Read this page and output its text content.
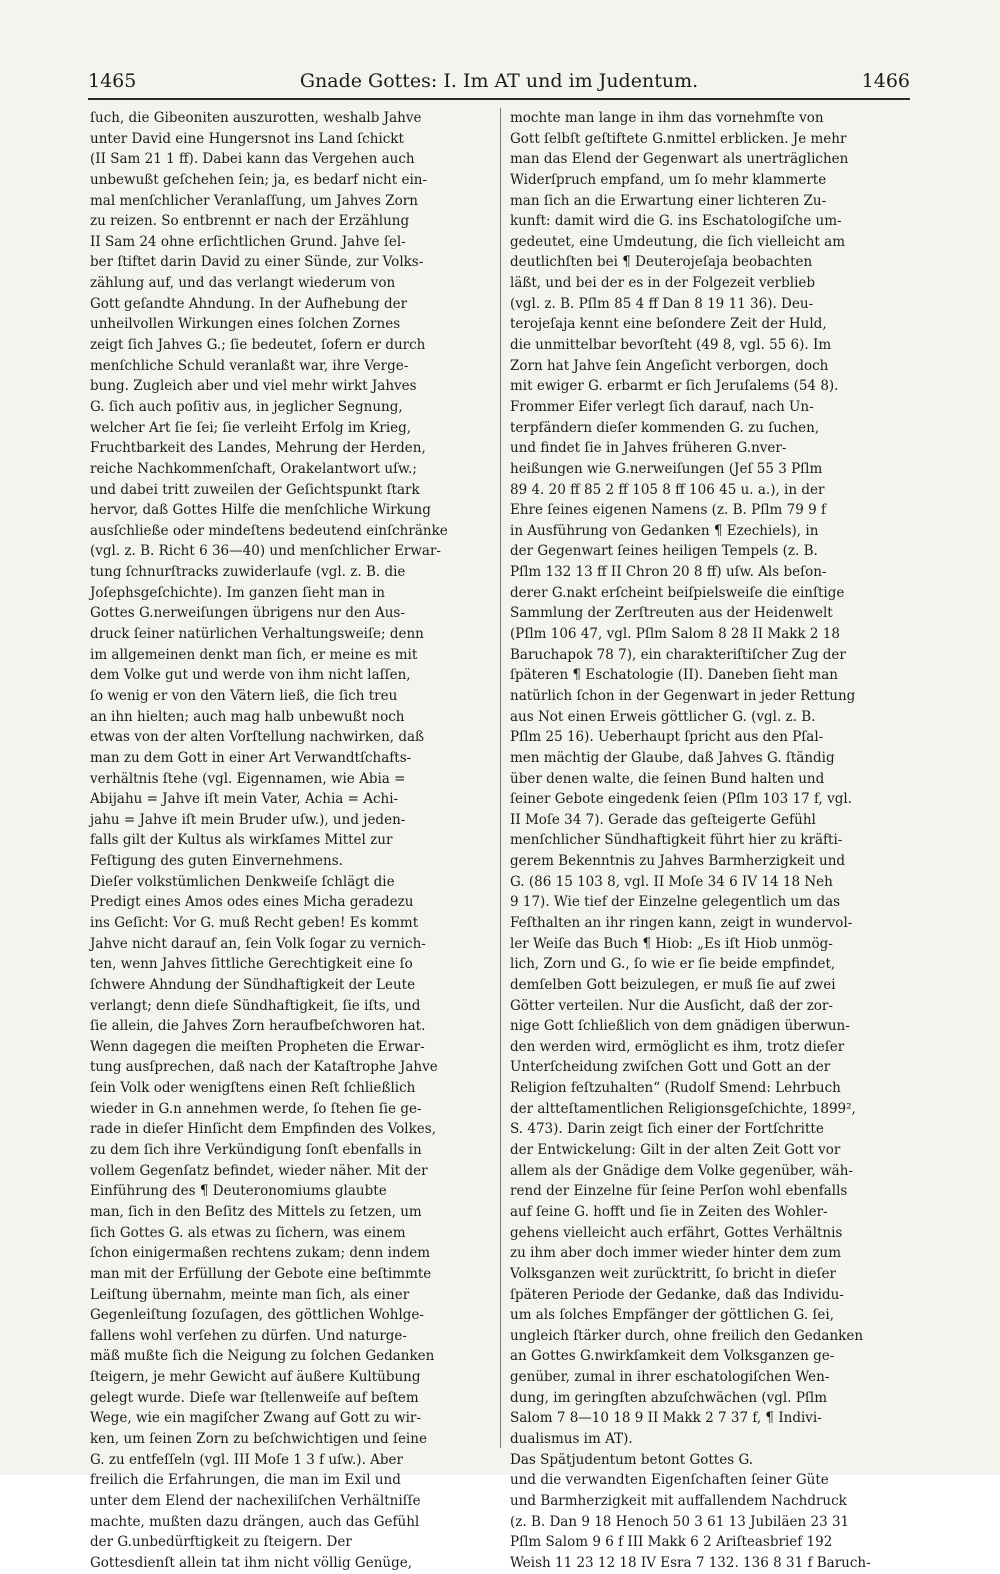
1465	Gnade Gottes: I. Im AT und im Judentum.	1466
ſuch, die Gibeoniten auszurotten, weshalb Jahve
unter David eine Hungersnot ins Land ſchickt
(II Sam 21 1 ff). Dabei kann das Vergehen auch
unbewußt geſchehen ſein; ja, es bedarf nicht ein-
mal menſchlicher Veranlaſſung, um Jahves Zorn
zu reizen. So entbrennt er nach der Erzählung
II Sam 24 ohne erſichtlichen Grund. Jahve ſel-
ber ſtiftet darin David zu einer Sünde, zur Volks-
zählung auf, und das verlangt wiederum von
Gott geſandte Ahndung. In der Aufhebung der
unheilvollen Wirkungen eines ſolchen Zornes
zeigt ſich Jahves G.; ſie bedeutet, ſofern er durch
menſchliche Schuld veranlaßt war, ihre Verge-
bung. Zugleich aber und viel mehr wirkt Jahves
G. ſich auch poſitiv aus, in jeglicher Segnung,
welcher Art ſie ſei; ſie verleiht Erfolg im Krieg,
Fruchtbarkeit des Landes, Mehrung der Herden,
reiche Nachkommenſchaft, Orakelantwort uſw.;
und dabei tritt zuweilen der Geſichtspunkt ſtark
hervor, daß Gottes Hilfe die menſchliche Wirkung
ausſchließe oder mindeſtens bedeutend einſchränke
(vgl. z. B. Richt 6 36—40) und menſchlicher Erwar-
tung ſchnurſtracks zuwiderlaufe (vgl. z. B. die
Joſephsgeſchichte). Im ganzen ſieht man in
Gottes G.nerweiſungen übrigens nur den Aus-
druck ſeiner natürlichen Verhaltungsweiſe; denn
im allgemeinen denkt man ſich, er meine es mit
dem Volke gut und werde von ihm nicht laſſen,
ſo wenig er von den Vätern ließ, die ſich treu
an ihn hielten; auch mag halb unbewußt noch
etwas von der alten Vorſtellung nachwirken, daß
man zu dem Gott in einer Art Verwandtſchafts-
verhältnis ſtehe (vgl. Eigennamen, wie Abia =
Abijahu = Jahve iſt mein Vater, Achia = Achi-
jahu = Jahve iſt mein Bruder uſw.), und jeden-
falls gilt der Kultus als wirkſames Mittel zur
Feſtigung des guten Einvernehmens.
Dieſer volkstümlichen Denkweiſe ſchlägt die
Predigt eines Amos odes eines Micha geradezu
ins Geſicht: Vor G. muß Recht geben! Es kommt
Jahve nicht darauf an, ſein Volk ſogar zu vernich-
ten, wenn Jahves ſittliche Gerechtigkeit eine ſo
ſchwere Ahndung der Sündhaftigkeit der Leute
verlangt; denn dieſe Sündhaftigkeit, ſie iſts, und
ſie allein, die Jahves Zorn heraufbeſchworen hat.
Wenn dagegen die meiſten Propheten die Erwar-
tung ausſprechen, daß nach der Kataſtrophe Jahve
ſein Volk oder wenigſtens einen Reſt ſchließlich
wieder in G.n annehmen werde, ſo ſtehen ſie ge-
rade in dieſer Hinſicht dem Empfinden des Volkes,
zu dem ſich ihre Verkündigung ſonſt ebenfalls in
vollem Gegenſatz befindet, wieder näher. Mit der
Einführung des ¶ Deuteronomiums glaubte
man, ſich in den Beſitz des Mittels zu ſetzen, um
ſich Gottes G. als etwas zu ſichern, was einem
ſchon einigermaßen rechtens zukam; denn indem
man mit der Erfüllung der Gebote eine beſtimmte
Leiſtung übernahm, meinte man ſich, als einer
Gegenleiſtung ſozuſagen, des göttlichen Wohlge-
fallens wohl verſehen zu dürfen. Und naturge-
mäß mußte ſich die Neigung zu ſolchen Gedanken
ſteigern, je mehr Gewicht auf äußere Kultübung
gelegt wurde. Dieſe war ſtellenweiſe auf beſtem
Wege, wie ein magiſcher Zwang auf Gott zu wir-
ken, um ſeinen Zorn zu beſchwichtigen und ſeine
G. zu entfeſſeln (vgl. III Moſe 1 3 f uſw.). Aber
freilich die Erfahrungen, die man im Exil und
unter dem Elend der nachexiliſchen Verhältniſſe
machte, mußten dazu drängen, auch das Gefühl
der G.unbedürftigkeit zu ſteigern. Der
Gottesdienſt allein tat ihm nicht völlig Genüge,
mochte man lange in ihm das vornehmſte von
Gott ſelbſt geſtiftete G.nmittel erblicken. Je mehr
man das Elend der Gegenwart als unerträglichen
Widerſpruch empfand, um ſo mehr klammerte
man ſich an die Erwartung einer lichteren Zu-
kunft: damit wird die G. ins Eschatologiſche um-
gedeutet, eine Umdeutung, die ſich vielleicht am
deutlichſten bei ¶ Deuterojeſaja beobachten
läßt, und bei der es in der Folgezeit verblieb
(vgl. z. B. Pſlm 85 4 ff Dan 8 19 11 36). Deu-
terojeſaja kennt eine beſondere Zeit der Huld,
die unmittelbar bevorſteht (49 8, vgl. 55 6). Im
Zorn hat Jahve ſein Angeſicht verborgen, doch
mit ewiger G. erbarmt er ſich Jeruſalems (54 8).
Frommer Eifer verlegt ſich darauf, nach Un-
terpfändern dieſer kommenden G. zu ſuchen,
und findet ſie in Jahves früheren G.nver-
heißungen wie G.nerweiſungen (Jeſ 55 3 Pſlm
89 4. 20 ff 85 2 ff 105 8 ff 106 45 u. a.), in der
Ehre ſeines eigenen Namens (z. B. Pſlm 79 9 f
in Ausführung von Gedanken ¶ Ezechiels), in
der Gegenwart ſeines heiligen Tempels (z. B.
Pſlm 132 13 ff II Chron 20 8 ff) uſw. Als beſon-
derer G.nakt erſcheint beiſpielsweiſe die einſtige
Sammlung der Zerſtreuten aus der Heidenwelt
(Pſlm 106 47, vgl. Pſlm Salom 8 28 II Makk 2 18
Baruchapok 78 7), ein charakteriſtiſcher Zug der
ſpäteren ¶ Eschatologie (II). Daneben ſieht man
natürlich ſchon in der Gegenwart in jeder Rettung
aus Not einen Erweis göttlicher G. (vgl. z. B.
Pſlm 25 16). Ueberhaupt ſpricht aus den Pſal-
men mächtig der Glaube, daß Jahves G. ſtändig
über denen walte, die ſeinen Bund halten und
ſeiner Gebote eingedenk ſeien (Pſlm 103 17 f, vgl.
II Moſe 34 7). Gerade das geſteigerte Gefühl
menſchlicher Sündhaftigkeit führt hier zu kräfti-
gerem Bekenntnis zu Jahves Barmherzigkeit und
G. (86 15 103 8, vgl. II Moſe 34 6 IV 14 18 Neh
9 17). Wie tief der Einzelne gelegentlich um das
Feſthalten an ihr ringen kann, zeigt in wundervol-
ler Weiſe das Buch ¶ Hiob: „Es iſt Hiob unmög-
lich, Zorn und G., ſo wie er ſie beide empfindet,
demſelben Gott beizulegen, er muß ſie auf zwei
Götter verteilen. Nur die Ausſicht, daß der zor-
nige Gott ſchließlich von dem gnädigen überwun-
den werden wird, ermöglicht es ihm, trotz dieſer
Unterſcheidung zwiſchen Gott und Gott an der
Religion feſtzuhalten“ (Rudolf Smend: Lehrbuch
der altteſtamentlichen Religionsgeſchichte, 1899²,
S. 473). Darin zeigt ſich einer der Fortſchritte
der Entwickelung: Gilt in der alten Zeit Gott vor
allem als der Gnädige dem Volke gegenüber, wäh-
rend der Einzelne für ſeine Perſon wohl ebenfalls
auf ſeine G. hofft und ſie in Zeiten des Wohler-
gehens vielleicht auch erfährt, Gottes Verhältnis
zu ihm aber doch immer wieder hinter dem zum
Volksganzen weit zurücktritt, ſo bricht in dieſer
ſpäteren Periode der Gedanke, daß das Individu-
um als ſolches Empfänger der göttlichen G. ſei,
ungleich ſtärker durch, ohne freilich den Gedanken
an Gottes G.nwirkſamkeit dem Volksganzen ge-
genüber, zumal in ihrer eschatologiſchen Wen-
dung, im geringſten abzuſchwächen (vgl. Pſlm
Salom 7 8—10 18 9 II Makk 2 7 37 f, ¶ Indivi-
dualismus im AT).
Das Spätjudentum betont Gottes G.
und die verwandten Eigenſchaften ſeiner Güte
und Barmherzigkeit mit auffallendem Nachdruck
(z. B. Dan 9 18 Henoch 50 3 61 13 Jubiläen 23 31
Pſlm Salom 9 6 f III Makk 6 2 Ariſteasbrief 192
Weish 11 23 12 18 IV Esra 7 132. 136 8 31 f Baruch-
